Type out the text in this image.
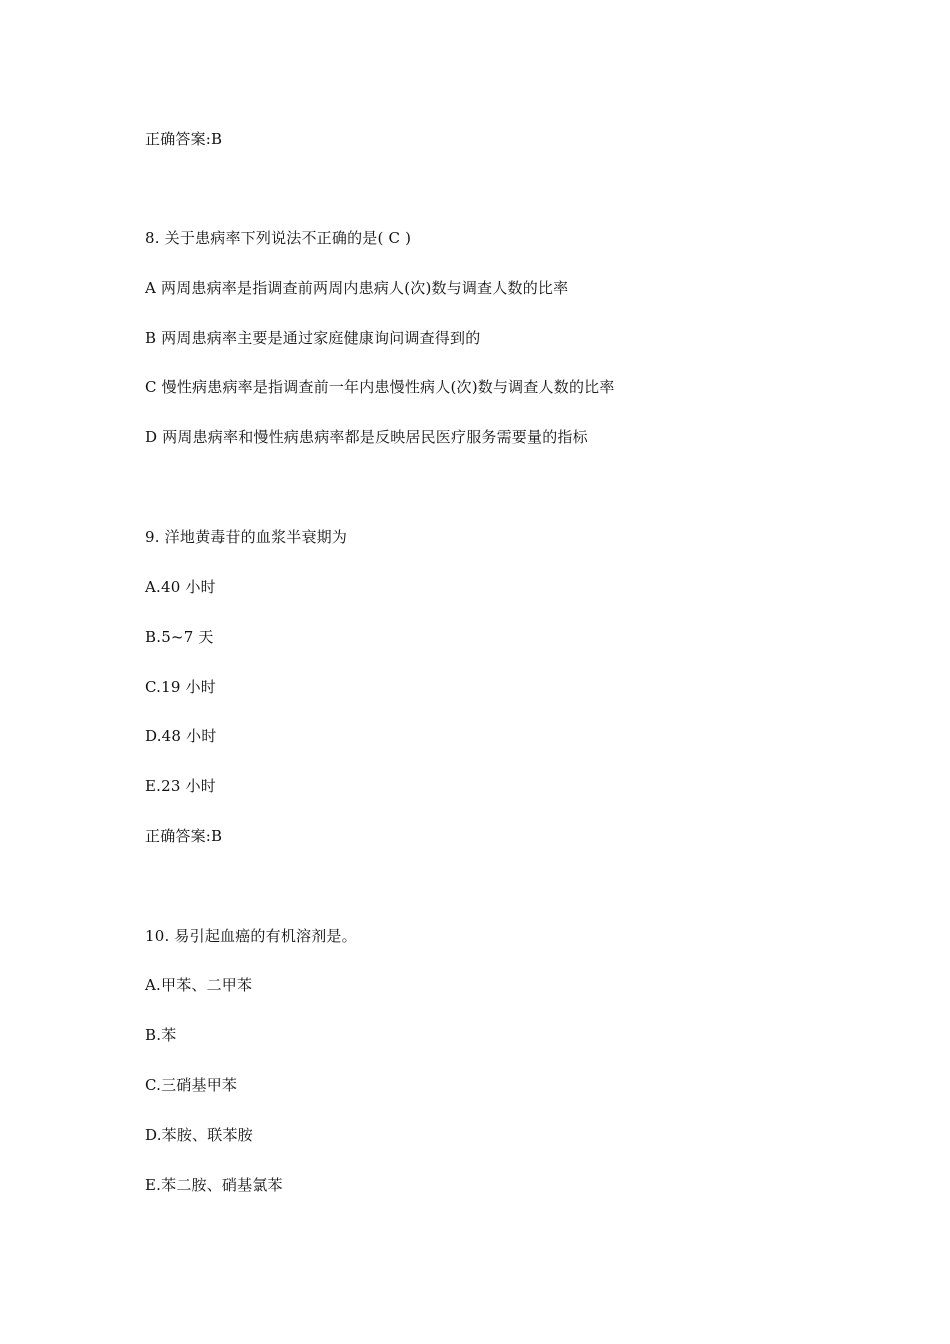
正确答案:B
8. 关于患病率下列说法不正确的是( C )
A 两周患病率是指调查前两周内患病人(次)数与调查人数的比率
B 两周患病率主要是通过家庭健康询问调查得到的
C 慢性病患病率是指调查前一年内患慢性病人(次)数与调查人数的比率
D 两周患病率和慢性病患病率都是反映居民医疗服务需要量的指标
9. 洋地黄毒苷的血浆半衰期为
A.40 小时
B.5~7 天
C.19 小时
D.48 小时
E.23 小时
正确答案:B
10. 易引起血癌的有机溶剂是。
A.甲苯、二甲苯
B.苯
C.三硝基甲苯
D.苯胺、联苯胺
E.苯二胺、硝基氯苯
